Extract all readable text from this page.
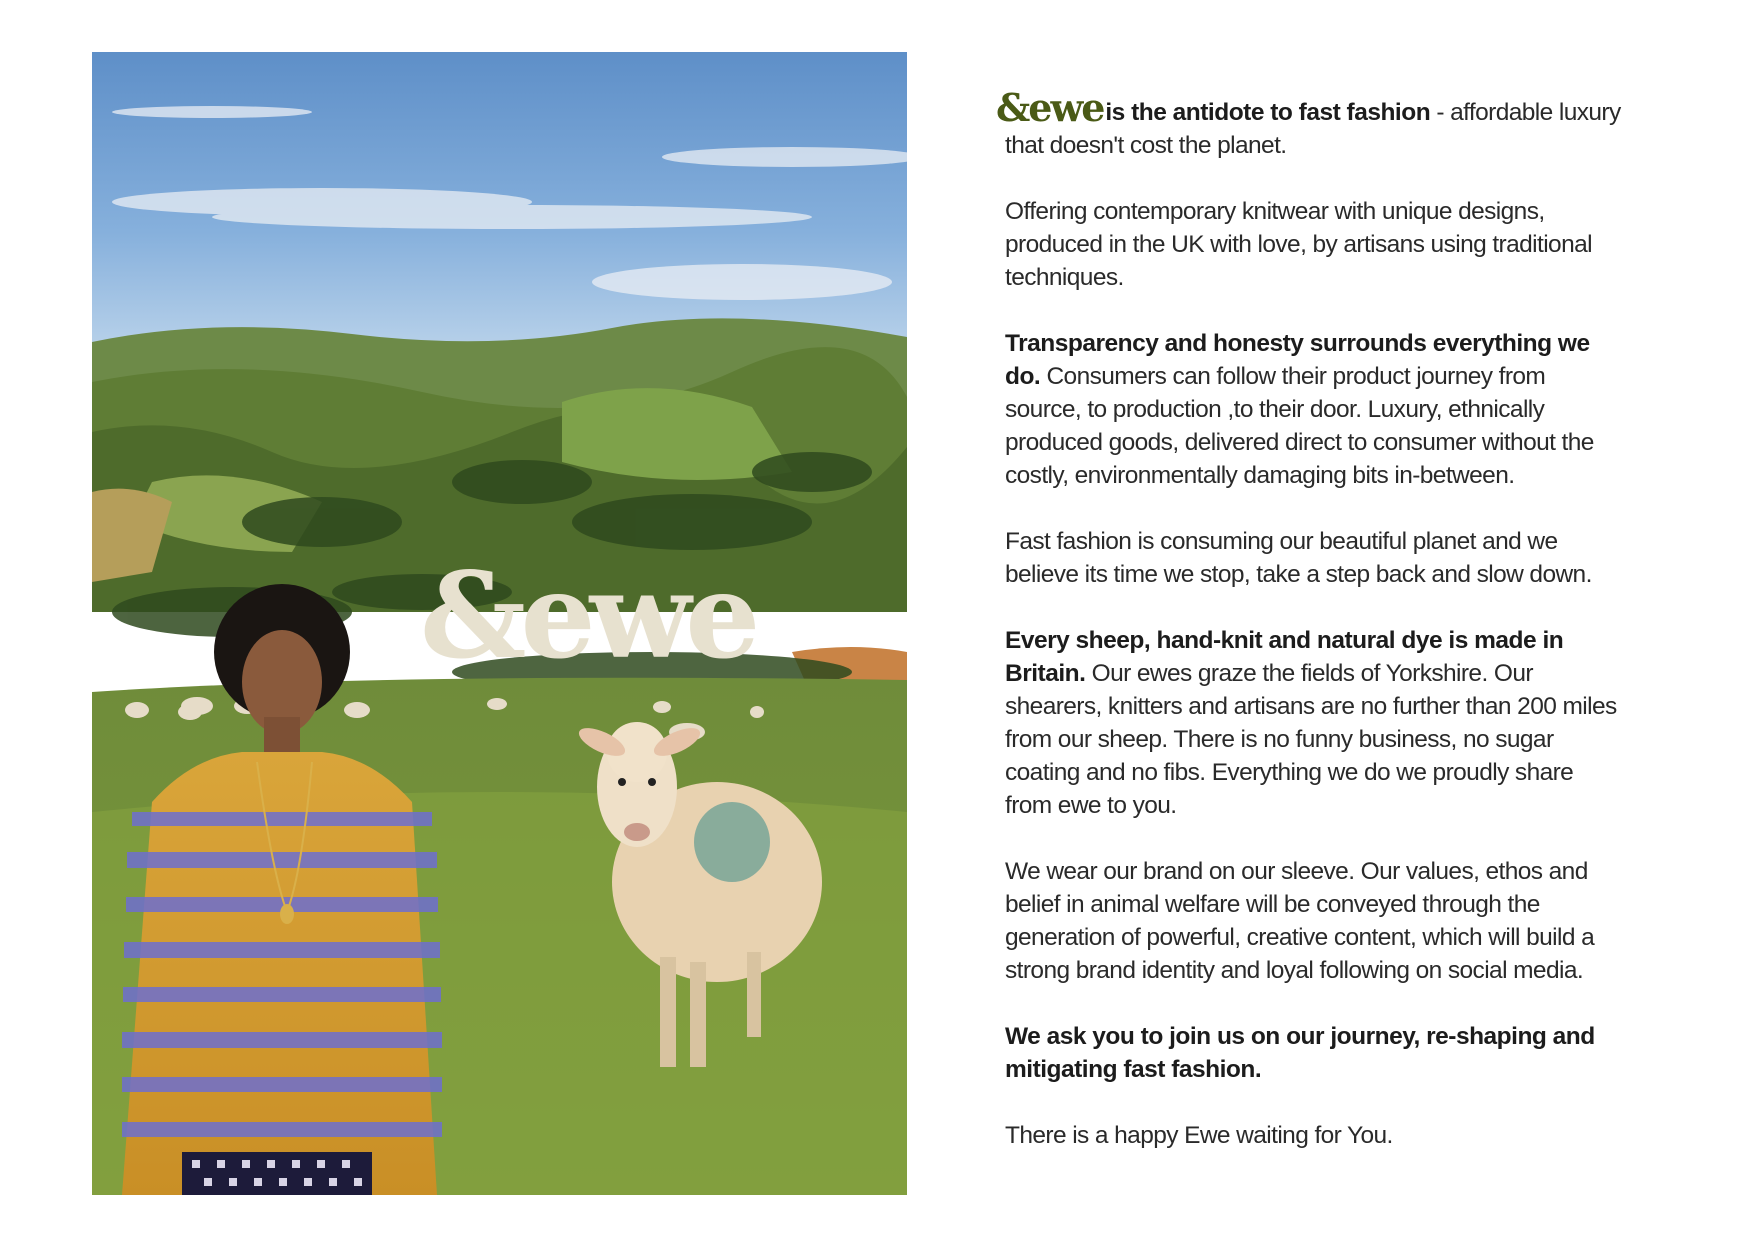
&ewe

&eweis the antidote to fast fashion - affordable luxury that doesn't cost the planet.

Offering contemporary knitwear with unique designs, produced in the UK with love, by artisans using traditional techniques.

Transparency and honesty surrounds everything we do. Consumers can follow their product journey from source, to production ,to their door. Luxury, ethnically produced goods, delivered direct to consumer without the costly, environmentally damaging bits in-between.

Fast fashion is consuming our beautiful planet and we believe its time we stop, take a step back and slow down.

Every sheep, hand-knit and natural dye is made in Britain. Our ewes graze the fields of Yorkshire. Our shearers, knitters and artisans are no further than 200 miles from our sheep. There is no funny business, no sugar coating and no fibs. Everything we do we proudly share from ewe to you.

We wear our brand on our sleeve. Our values, ethos and belief in animal welfare will be conveyed through the generation of powerful, creative content, which will build a strong brand identity and loyal following on social media.

We ask you to join us on our journey, re-shaping and mitigating fast fashion.

There is a happy Ewe waiting for You.
